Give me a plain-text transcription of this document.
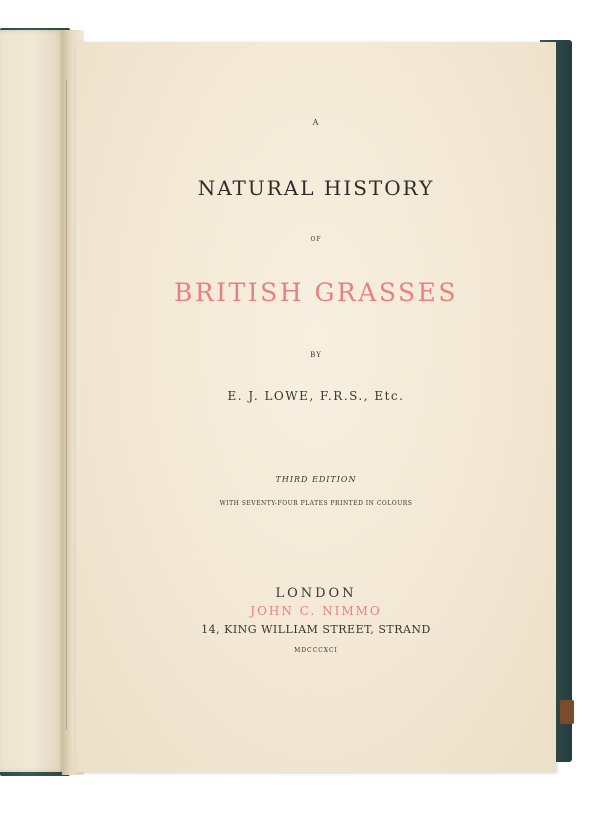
A
NATURAL HISTORY
OF
BRITISH GRASSES
BY
E. J. LOWE, F.R.S., Etc.
THIRD EDITION
WITH SEVENTY-FOUR PLATES PRINTED IN COLOURS
LONDON
JOHN C. NIMMO
14, KING WILLIAM STREET, STRAND
MDCCCXCI
